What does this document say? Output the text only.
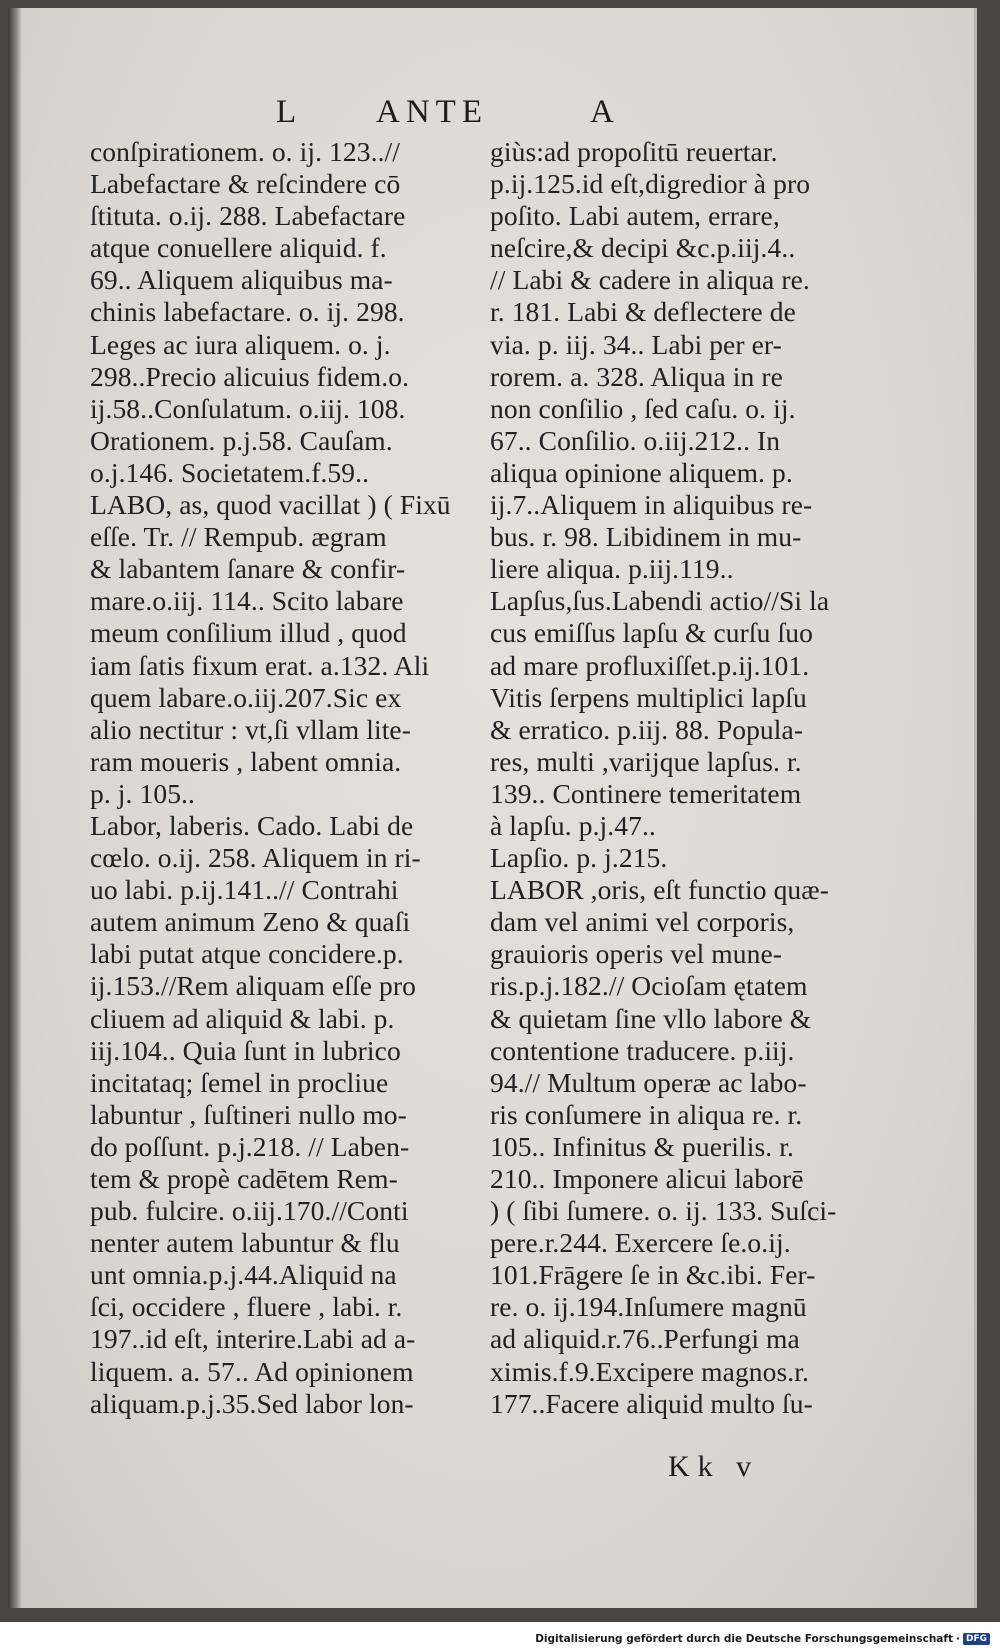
L ANTE	A
conſpirationem. o. ij. 123..//
Labefactare & reſcindere cō
ſtituta. o.ij. 288. Labefactare
atque conuellere aliquid. f.
69.. Aliquem aliquibus ma-
chinis labefactare. o. ij. 298.
Leges ac iura aliquem. o. j.
298..Precio alicuius fidem.o.
ij.58..Conſulatum. o.iij. 108.
Orationem. p.j.58. Cauſam.
o.j.146. Societatem.f.59..
LABO, as, quod vacillat ) ( Fixū
eſſe. Tr. // Rempub. ægram
& labantem ſanare & confir-
mare.o.iij. 114.. Scito labare
meum conſilium illud , quod
iam ſatis fixum erat. a.132. Ali
quem labare.o.iij.207.Sic ex
alio nectitur : vt,ſi vllam lite-
ram moueris , labent omnia.
p. j. 105..
Labor, laberis. Cado. Labi de
cœlo. o.ij. 258. Aliquem in ri-
uo labi. p.ij.141..// Contrahi
autem animum Zeno & quaſi
labi putat atque concidere.p.
ij.153.//Rem aliquam eſſe pro
cliuem ad aliquid & labi. p.
iij.104.. Quia ſunt in lubrico
incitataq; ſemel in procliue
labuntur , ſuſtineri nullo mo-
do poſſunt. p.j.218. // Laben-
tem & propè cadētem Rem-
pub. fulcire. o.iij.170.//Conti
nenter autem labuntur & flu
unt omnia.p.j.44.Aliquid na
ſci, occidere , fluere , labi. r.
197..id eſt, interire.Labi ad a-
liquem. a. 57.. Ad opinionem
aliquam.p.j.35.Sed labor lon-
giùs:ad propoſitū reuertar.
p.ij.125.id eſt,digredior à pro
poſito. Labi autem, errare,
neſcire,& decipi &c.p.iij.4..
// Labi & cadere in aliqua re.
r. 181. Labi & deflectere de
via. p. iij. 34.. Labi per er-
rorem. a. 328. Aliqua in re
non conſilio , ſed caſu. o. ij.
67.. Conſilio. o.iij.212.. In
aliqua opinione aliquem. p.
ij.7..Aliquem in aliquibus re-
bus. r. 98. Libidinem in mu-
liere aliqua. p.iij.119..
Lapſus,ſus.Labendi actio//Si la
cus emiſſus lapſu & curſu ſuo
ad mare profluxiſſet.p.ij.101.
Vitis ſerpens multiplici lapſu
& erratico. p.iij. 88. Popula-
res, multi ,varijque lapſus. r.
139.. Continere temeritatem
à lapſu. p.j.47..
Lapſio. p. j.215.
LABOR ,oris, eſt functio quæ-
dam vel animi vel corporis,
grauioris operis vel mune-
ris.p.j.182.// Ocioſam ętatem
& quietam ſine vllo labore &
contentione traducere. p.iij.
94.// Multum operæ ac labo-
ris conſumere in aliqua re. r.
105.. Infinitus & puerilis. r.
210.. Imponere alicui laborē
) ( ſibi ſumere. o. ij. 133. Suſci-
pere.r.244. Exercere ſe.o.ij.
101.Frāgere ſe in &c.ibi. Fer-
re. o. ij.194.Inſumere magnū
ad aliquid.r.76..Perfungi ma
ximis.f.9.Excipere magnos.r.
177..Facere aliquid multo ſu-
Kk v
Digitalisierung gefördert durch die Deutsche Forschungsgemeinschaft · DFG
